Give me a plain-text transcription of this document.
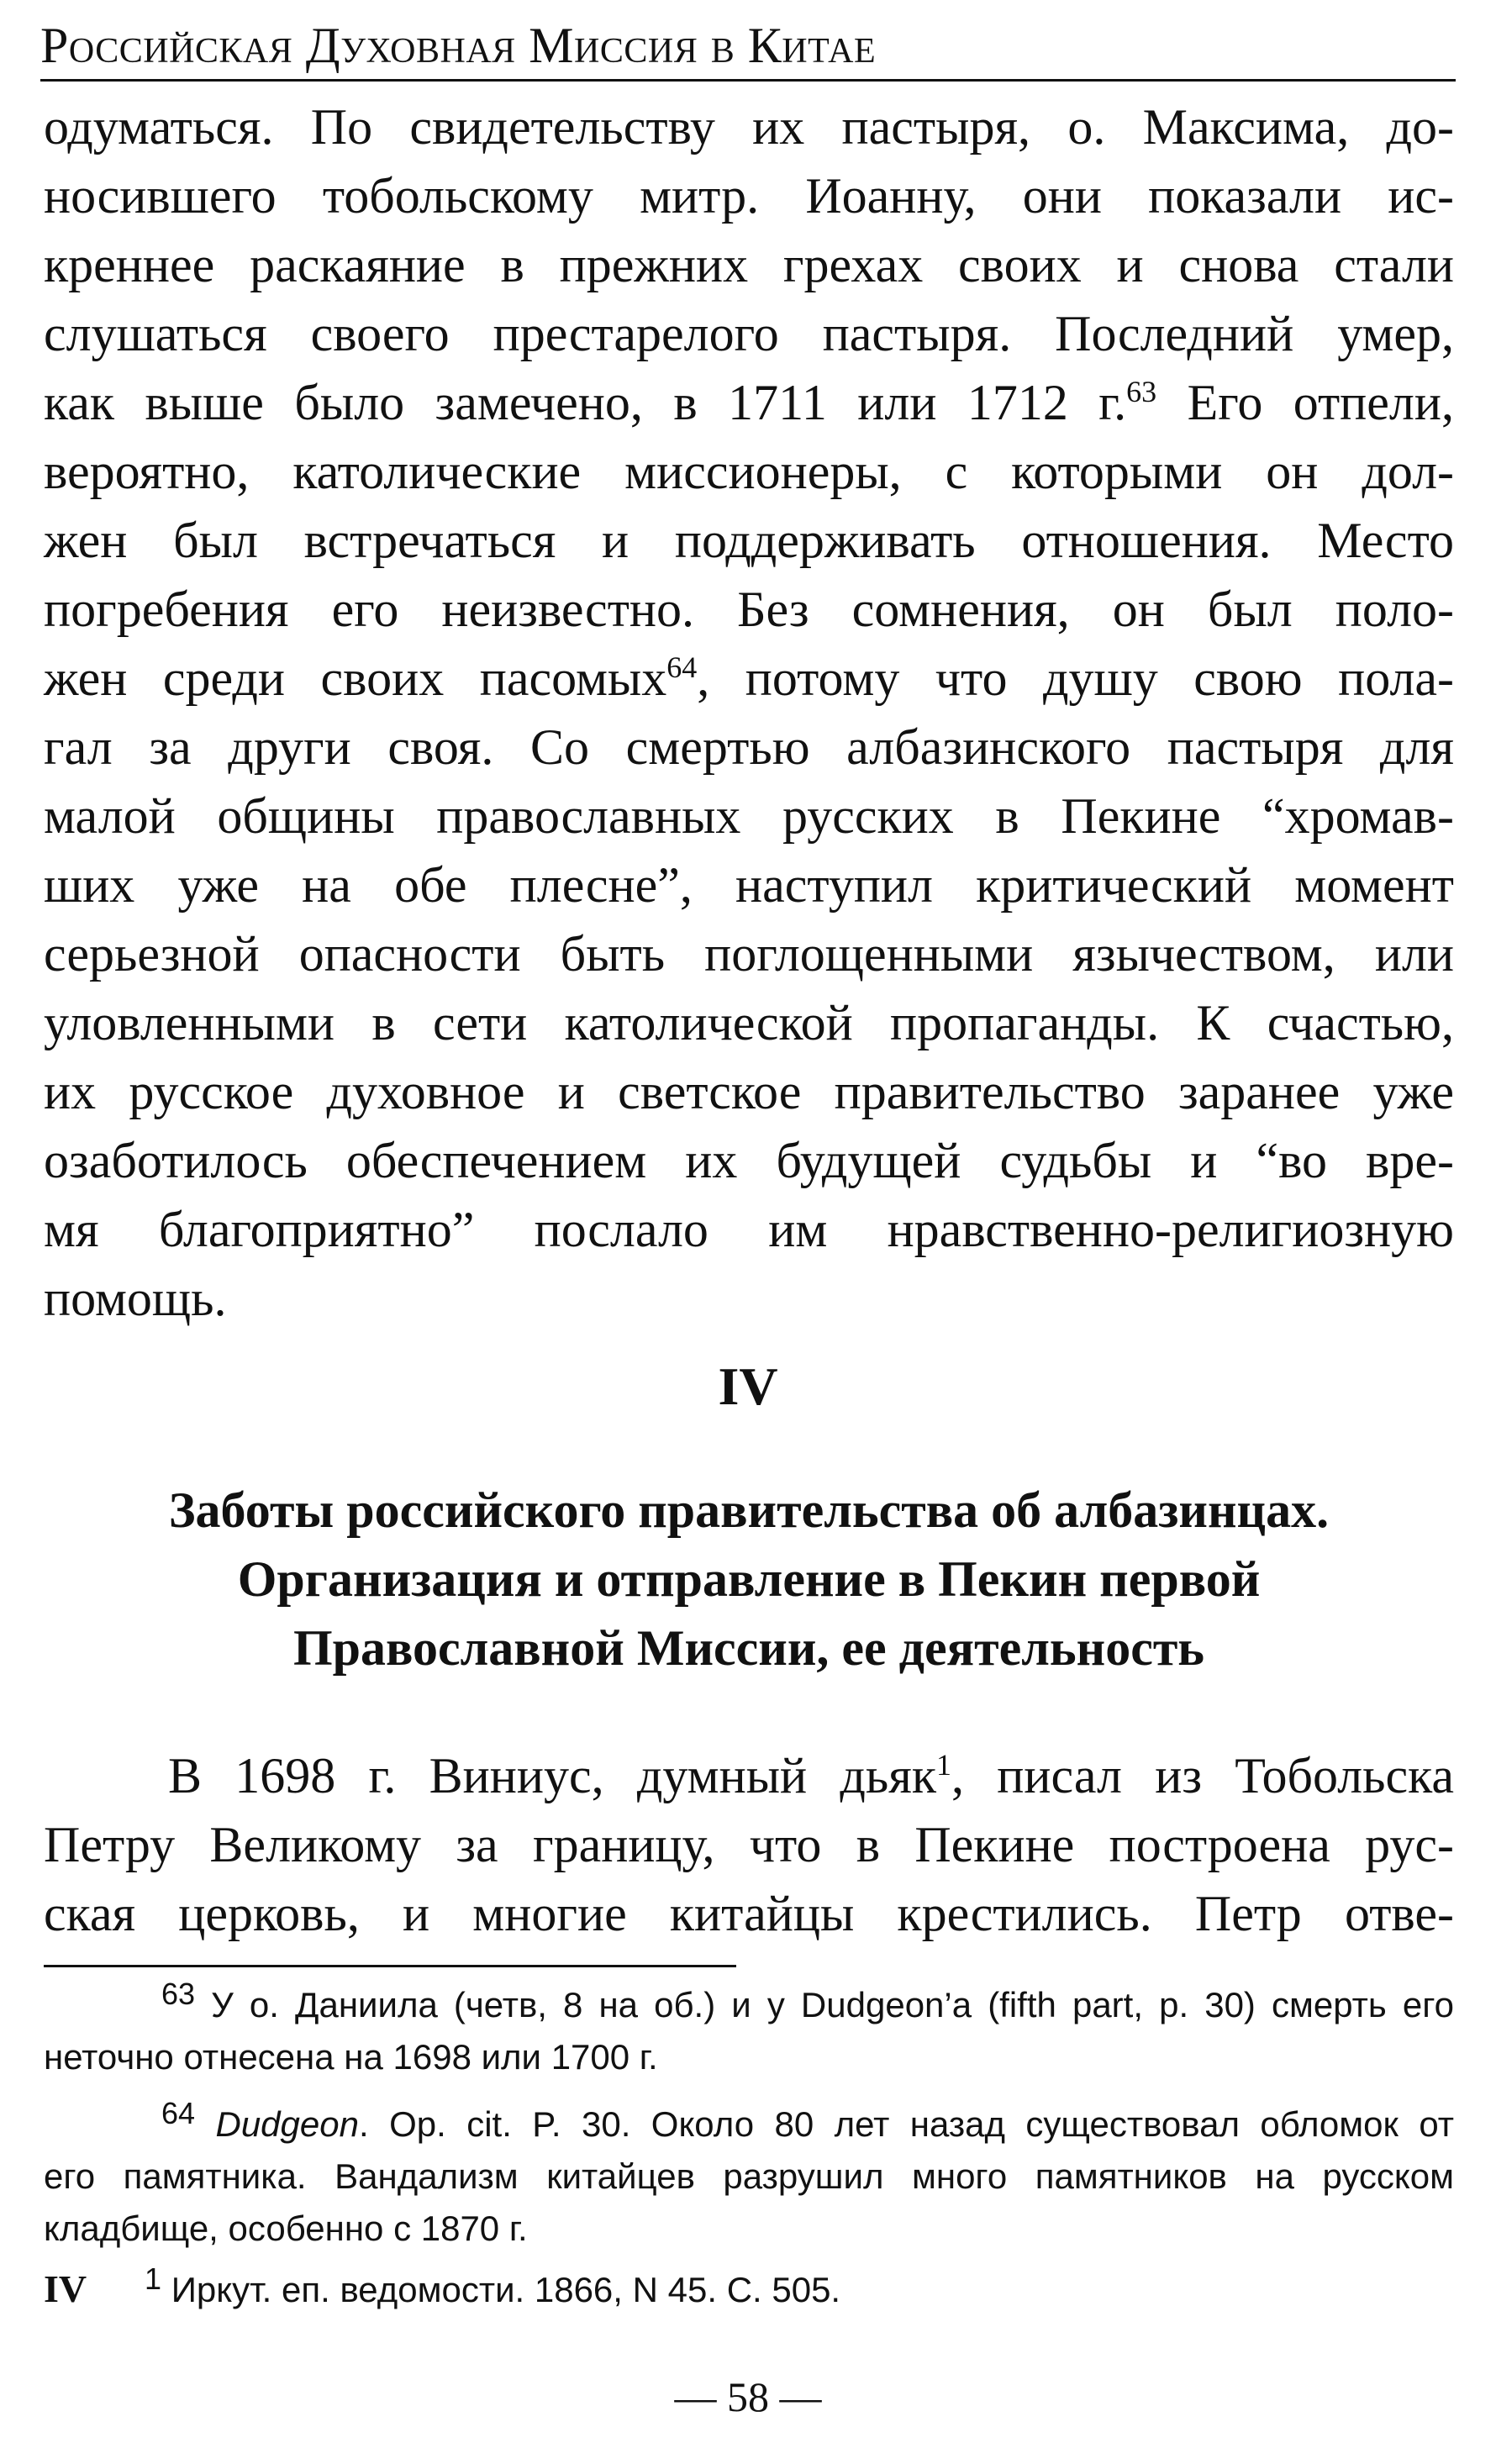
Российская Духовная Миссия в Китае
одуматься. По свидетельству их пастыря, о. Максима, до-
носившего тобольскому митр. Иоанну, они показали ис-
креннее раскаяние в прежних грехах своих и снова стали
слушаться своего престарелого пастыря. Последний умер,
как выше было замечено, в 1711 или 1712 г.$^{63}$ Его отпели,
вероятно, католические миссионеры, с которыми он дол-
жен был встречаться и поддерживать отношения. Место
погребения его неизвестно. Без сомнения, он был поло-
жен среди своих пасомых$^{64}$, потому что душу свою пола-
гал за други своя. Со смертью албазинского пастыря для
малой общины православных русских в Пекине “хромав-
ших уже на обе плесне”, наступил критический момент
серьезной опасности быть поглощенными язычеством, или
уловленными в сети католической пропаганды. К счастью,
их русское духовное и светское правительство заранее уже
озаботилось обеспечением их будущей судьбы и “во вре-
мя благоприятно” послало им нравственно-религиозную
помощь.
IV
Заботы российского правительства об албазинцах.
Организация и отправление в Пекин первой
Православной Миссии, ее деятельность
В 1698 г. Виниус, думный дьяк$^1$, писал из Тобольска
Петру Великому за границу, что в Пекине построена рус-
ская церковь, и многие китайцы крестились. Петр отве-
$^{63}$ У о. Даниила (четв, 8 на об.) и у Dudgeon’a (fifth part, p. 30) смерть его
неточно отнесена на 1698 или 1700 г.
$^{64}$ Dudgeon. Op. cit. P. 30. Около 80 лет назад существовал обломок от
его памятника. Вандализм китайцев разрушил много памятников на русском
кладбище, особенно с 1870 г.
IV $^1$ Иркут. еп. ведомости. 1866, N 45. С. 505.
— 58 —
